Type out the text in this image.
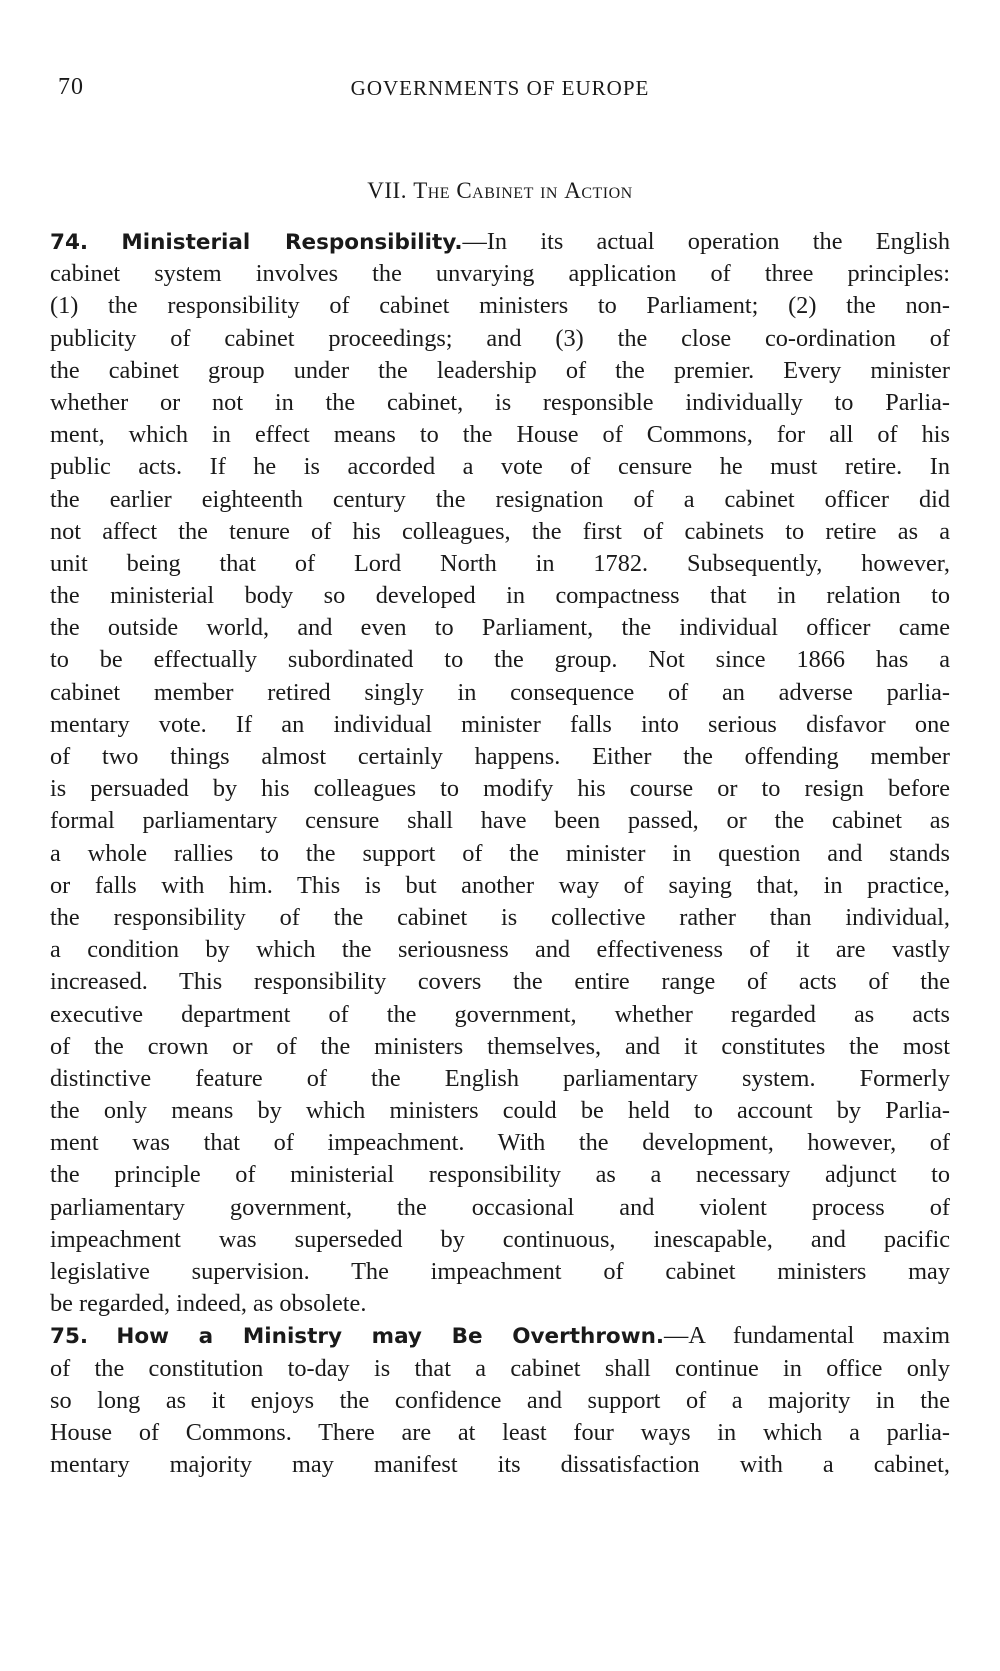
70	GOVERNMENTS OF EUROPE
VII. The Cabinet in Action
74. Ministerial Responsibility.—In its actual operation the English
cabinet system involves the unvarying application of three principles:
(1) the responsibility of cabinet ministers to Parliament; (2) the non-
publicity of cabinet proceedings; and (3) the close co-ordination of
the cabinet group under the leadership of the premier. Every minister
whether or not in the cabinet, is responsible individually to Parlia-
ment, which in effect means to the House of Commons, for all of his
public acts. If he is accorded a vote of censure he must retire. In
the earlier eighteenth century the resignation of a cabinet officer did
not affect the tenure of his colleagues, the first of cabinets to retire as a
unit being that of Lord North in 1782. Subsequently, however,
the ministerial body so developed in compactness that in relation to
the outside world, and even to Parliament, the individual officer came
to be effectually subordinated to the group. Not since 1866 has a
cabinet member retired singly in consequence of an adverse parlia-
mentary vote. If an individual minister falls into serious disfavor one
of two things almost certainly happens. Either the offending member
is persuaded by his colleagues to modify his course or to resign before
formal parliamentary censure shall have been passed, or the cabinet as
a whole rallies to the support of the minister in question and stands
or falls with him. This is but another way of saying that, in practice,
the responsibility of the cabinet is collective rather than individual,
a condition by which the seriousness and effectiveness of it are vastly
increased. This responsibility covers the entire range of acts of the
executive department of the government, whether regarded as acts
of the crown or of the ministers themselves, and it constitutes the most
distinctive feature of the English parliamentary system. Formerly
the only means by which ministers could be held to account by Parlia-
ment was that of impeachment. With the development, however, of
the principle of ministerial responsibility as a necessary adjunct to
parliamentary government, the occasional and violent process of
impeachment was superseded by continuous, inescapable, and pacific
legislative supervision. The impeachment of cabinet ministers may
be regarded, indeed, as obsolete.
75. How a Ministry may Be Overthrown.—A fundamental maxim
of the constitution to-day is that a cabinet shall continue in office only
so long as it enjoys the confidence and support of a majority in the
House of Commons. There are at least four ways in which a parlia-
mentary majority may manifest its dissatisfaction with a cabinet,
